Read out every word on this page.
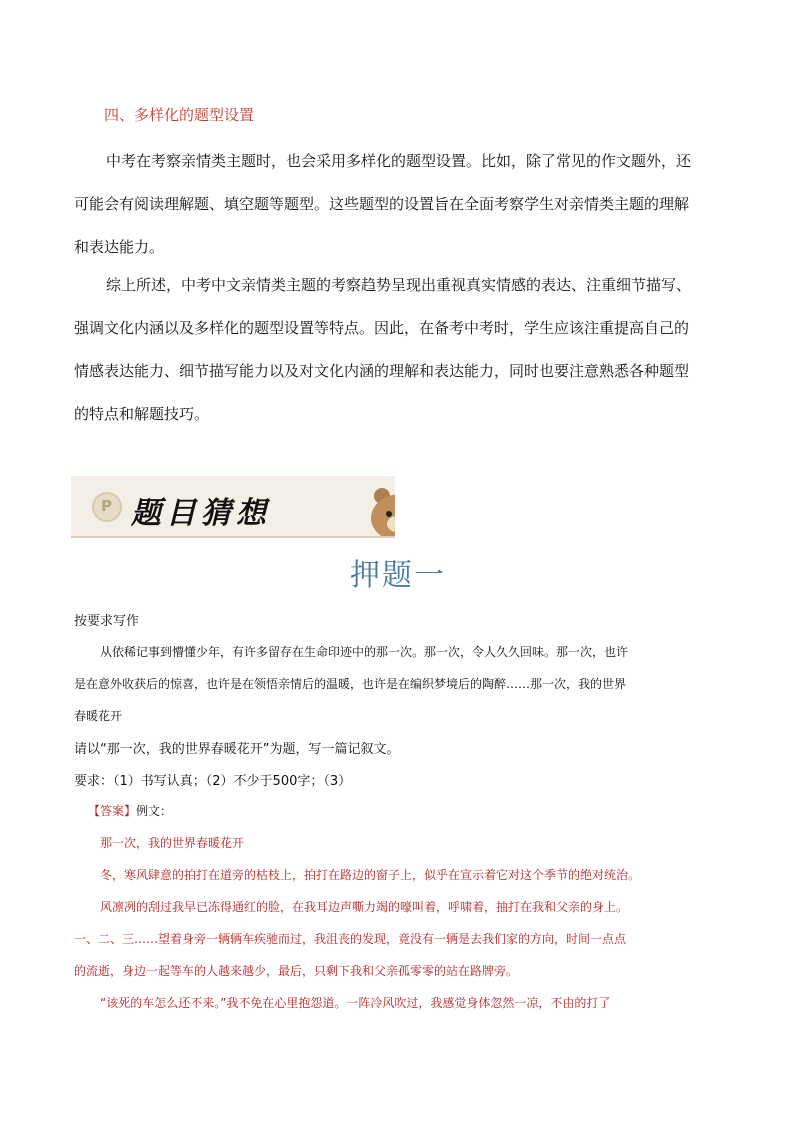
四、多样化的题型设置
中考在考察亲情类主题时，也会采用多样化的题型设置。比如，除了常见的作文题外，还
可能会有阅读理解题、填空题等题型。这些题型的设置旨在全面考察学生对亲情类主题的理解
和表达能力。
综上所述，中考中文亲情类主题的考察趋势呈现出重视真实情感的表达、注重细节描写、
强调文化内涵以及多样化的题型设置等特点。因此，在备考中考时，学生应该注重提高自己的
情感表达能力、细节描写能力以及对文化内涵的理解和表达能力，同时也要注意熟悉各种题型
的特点和解题技巧。
P 题目猜想
押题一
按要求写作
从依稀记事到懵懂少年，有许多留存在生命印迹中的那一次。那一次，令人久久回味。那一次，也许
是在意外收获后的惊喜，也许是在领悟亲情后的温暖，也许是在编织梦境后的陶醉……那一次，我的世界
春暖花开
请以“那一次，我的世界春暖花开”为题，写一篇记叙文。
要求：（1）书写认真；（2）不少于500字；（3）
【答案】例文：
那一次，我的世界春暖花开
冬，寒风肆意的拍打在道旁的枯枝上，拍打在路边的窗子上，似乎在宣示着它对这个季节的绝对统治。
风凛冽的刮过我早已冻得通红的脸，在我耳边声嘶力竭的嚎叫着，呼啸着，抽打在我和父亲的身上。
一、二、三……望着身旁一辆辆车疾驰而过，我沮丧的发现，竟没有一辆是去我们家的方向，时间一点点
的流逝，身边一起等车的人越来越少，最后，只剩下我和父亲孤零零的站在路牌旁。
“该死的车怎么还不来。”我不免在心里抱怨道。一阵冷风吹过，我感觉身体忽然一凉，不由的打了
